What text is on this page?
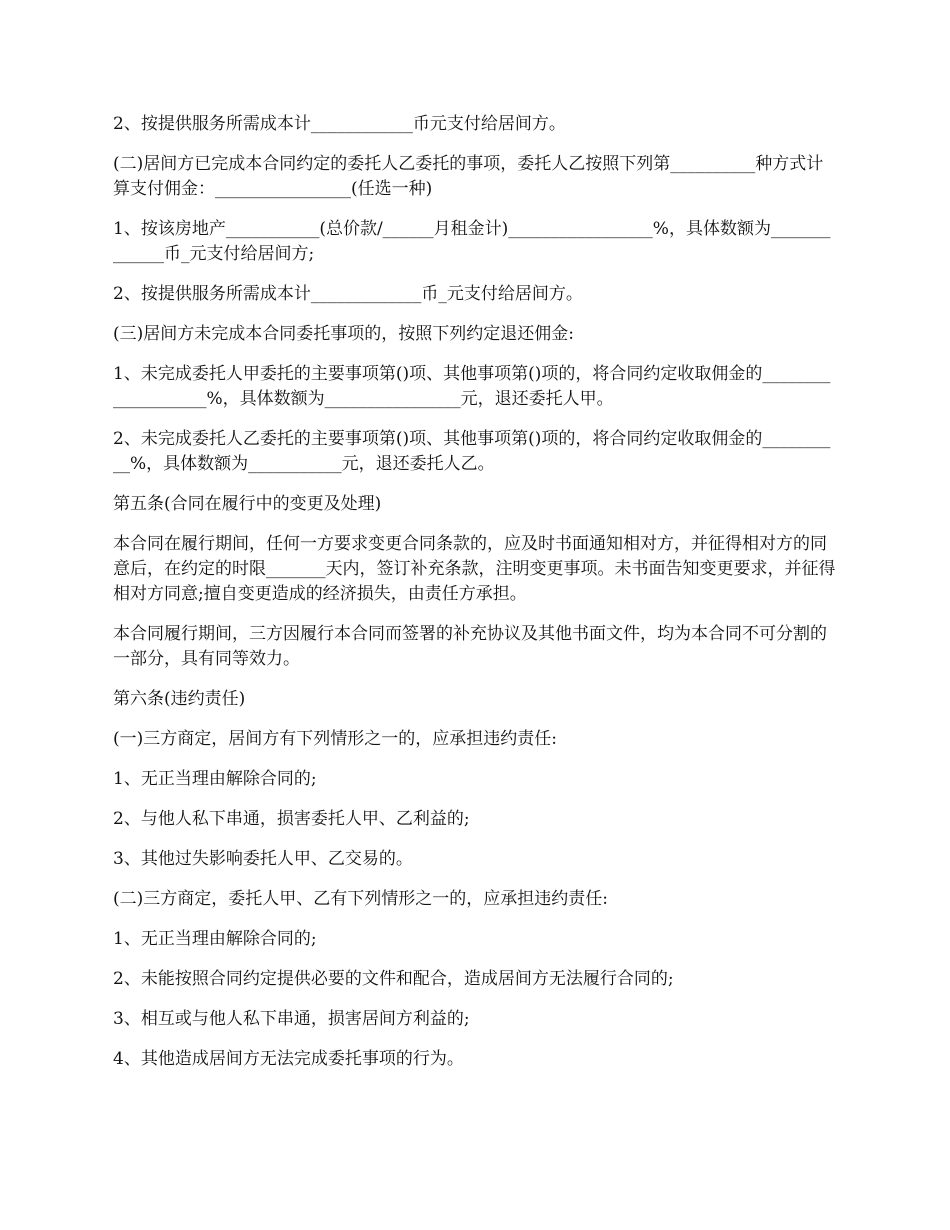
2、按提供服务所需成本计____________币元支付给居间方。

(二)居间方已完成本合同约定的委托人乙委托的事项，委托人乙按照下列第__________种方式计算支付佣金：________________(任选一种)

1、按该房地产___________(总价款/______月租金计)_________________%，具体数额为_____________币_元支付给居间方;

2、按提供服务所需成本计_____________币_元支付给居间方。

(三)居间方未完成本合同委托事项的，按照下列约定退还佣金:

1、未完成委托人甲委托的主要事项第()项、其他事项第()项的，将合同约定收取佣金的___________________%，具体数额为________________元，退还委托人甲。

2、未完成委托人乙委托的主要事项第()项、其他事项第()项的，将合同约定收取佣金的__________%，具体数额为___________元，退还委托人乙。

第五条(合同在履行中的变更及处理)

本合同在履行期间，任何一方要求变更合同条款的，应及时书面通知相对方，并征得相对方的同意后，在约定的时限_______天内，签订补充条款，注明变更事项。未书面告知变更要求，并征得相对方同意;擅自变更造成的经济损失，由责任方承担。

本合同履行期间，三方因履行本合同而签署的补充协议及其他书面文件，均为本合同不可分割的一部分，具有同等效力。

第六条(违约责任)

(一)三方商定，居间方有下列情形之一的，应承担违约责任:

1、无正当理由解除合同的;

2、与他人私下串通，损害委托人甲、乙利益的;

3、其他过失影响委托人甲、乙交易的。

(二)三方商定，委托人甲、乙有下列情形之一的，应承担违约责任:

1、无正当理由解除合同的;

2、未能按照合同约定提供必要的文件和配合，造成居间方无法履行合同的;

3、相互或与他人私下串通，损害居间方利益的;

4、其他造成居间方无法完成委托事项的行为。
